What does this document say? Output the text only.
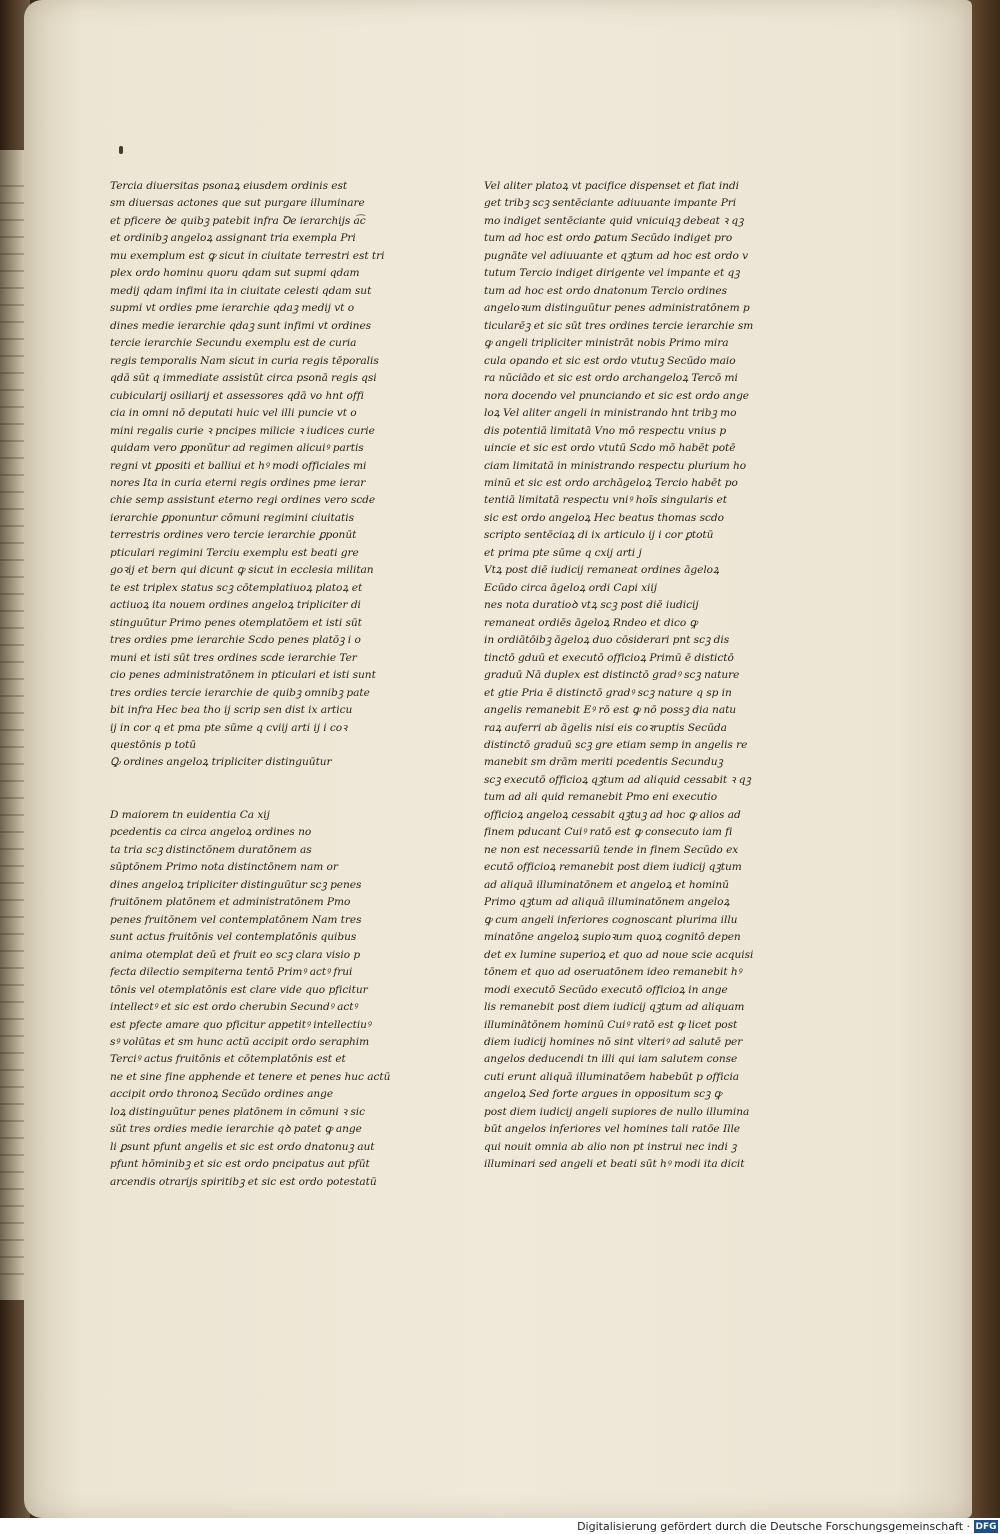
Tercia diuersitas psonaꝝ eiusdem ordinis est
sm diuersas actones que sut purgare illuminare
et pficere ꝺe quibꝫ patebit infra Ꝺe ierarchijs a͡c
et ordinibꝫ angeloꝝ assignant tria exempla Pri
mu exemplum est ꝙ sicut in ciuitate terrestri est tri
plex ordo hominu quoru qdam sut supmi qdam
medij qdam infimi ita in ciuitate celesti qdam sut
supmi vt ordies pme ierarchie qdaꝫ medij vt o
dines medie ierarchie qdaꝫ sunt infimi vt ordines
tercie ierarchie Secundu exemplu est de curia
regis temporalis Nam sicut in curia regis tēporalis
qdā sūt q immediate assistūt circa psonā regis qsi
cubicularij osiliarij et assessores qdā vo hnt offi
cia in omni nō deputati huic vel illi puncie vt o
mini regalis curie ꝛ pncipes milicie ꝛ iudices curie
quidam vero ꝑponūtur ad regimen alicuiꝰ partis
regni vt ꝑpositi et balliui et hꝰ modi officiales mi
nores Ita in curia eterni regis ordines pme ierar
chie semp assistunt eterno regi ordines vero scde
ierarchie ꝑponuntur cōmuni regimini ciuitatis
terrestris ordines vero tercie ierarchie ꝑponūt
pticulari regimini Terciu exemplu est beati gre
goꝛij et bern qui dicunt ꝙ sicut in ecclesia militan
te est triplex status scꝫ cōtemplatiuoꝝ platoꝝ et
actiuoꝝ ita nouem ordines angeloꝝ tripliciter di
stinguūtur Primo penes otemplatōem et isti sūt
tres ordies pme ierarchie Scdo penes platōꝫ i o
muni et isti sūt tres ordines scde ierarchie Ter
cio penes administratōnem in pticulari et isti sunt
tres ordies tercie ierarchie de quibꝫ omnibꝫ pate
bit infra Hec bea tho ij scrip sen dist ix articu
ij in cor q et pma pte sūme q cviij arti ij i coꝛ
questōnis p totū
Ꝙ ordines angeloꝝ tripliciter distinguūtur
D maiorem tn euidentia Ca xij
pcedentis ca circa angeloꝝ ordines no
ta tria scꝫ distinctōnem duratōnem as
sūptōnem Primo nota distinctōnem nam or
dines angeloꝝ tripliciter distinguūtur scꝫ penes
fruitōnem platōnem et administratōnem Pmo
penes fruitōnem vel contemplatōnem Nam tres
sunt actus fruitōnis vel contemplatōnis quibus
anima otemplat deū et fruit eo scꝫ clara visio p
fecta dilectio sempiterna tentō Primꝰ actꝰ frui
tōnis vel otemplatōnis est clare vide quo pficitur
intellectꝰ et sic est ordo cherubin Secundꝰ actꝰ
est pfecte amare quo pficitur appetitꝰ intellectiuꝰ
sꝰ volūtas et sm hunc actū accipit ordo seraphim
Terciꝰ actus fruitōnis et cōtemplatōnis est et
ne et sine fine apphende et tenere et penes huc actū
accipit ordo thronoꝝ Secūdo ordines ange
loꝝ distinguūtur penes platōnem in cōmuni ꝛ sic
sūt tres ordies medie ierarchie qꝺ patet ꝙ ange
li ꝑsunt pfunt angelis et sic est ordo dnatonuꝫ aut
pfunt hōminibꝫ et sic est ordo pncipatus aut pfūt
arcendis otrarijs spiritibꝫ et sic est ordo potestatū
Vel aliter platoꝝ vt pacifice dispenset et fiat indi
get tribꝫ scꝫ sentēciante adiuuante impante Pri
mo indiget sentēciante quid vnicuiqꝫ debeat ꝛ qꝫ
tum ad hoc est ordo ꝑatum Secūdo indiget pro
pugnāte vel adiuuante et qꝫtum ad hoc est ordo v
tutum Tercio indiget dirigente vel impante et qꝫ
tum ad hoc est ordo dnatonum Tercio ordines
angeloꝛum distinguūtur penes administratōnem p
ticularēꝫ et sic sūt tres ordines tercie ierarchie sm
ꝙ angeli tripliciter ministrāt nobis Primo mira
cula opando et sic est ordo vtutuꝫ Secūdo maio
ra nūciādo et sic est ordo archangeloꝝ Tercō mi
nora docendo vel pnunciando et sic est ordo ange
loꝝ Vel aliter angeli in ministrando hnt tribꝫ mo
dis potentiā limitatā Vno mō respectu vnius p
uincie et sic est ordo vtutū Scdo mō habēt potē
ciam limitatā in ministrando respectu plurium ho
minū et sic est ordo archāgeloꝝ Tercio habēt po
tentiā limitatā respectu vniꝰ hoīs singularis et
sic est ordo angeloꝝ Hec beatus thomas scdo
scripto sentēciaꝝ di ix articulo ij i cor ꝑtotū
et prima pte sūme q cxij arti j
Vtꝝ post diē iudicij remaneat ordines āgeloꝝ
Ecūdo circa āgeloꝝ ordi Capi xiij
nes nota duratioꝺ vtꝝ scꝫ post diē iudicij
remaneat ordiēs āgeloꝝ Rndeo et dico ꝙ
in ordiātōibꝫ āgeloꝝ duo cōsiderari pnt scꝫ dis
tinctō gduū et executō officioꝝ Primū ē distictō
graduū Nā duplex est distinctō gradꝰ scꝫ nature
et gtie Pria ē distinctō gradꝰ scꝫ nature q sp in
angelis remanebit Eꝰ rō est ꝙ nō possꝫ dia natu
raꝝ auferri ab āgelis nisi eis coꝛruptis Secūda
distinctō graduū scꝫ gre etiam semp in angelis re
manebit sm drām meriti pcedentis Secunduꝫ
scꝫ executō officioꝝ qꝫtum ad aliquid cessabit ꝛ qꝫ
tum ad ali quid remanebit Pmo eni executio
officioꝝ angeloꝝ cessabit qꝫtuꝫ ad hoc ꝙ alios ad
finem pducant Cuiꝰ ratō est ꝙ consecuto iam fi
ne non est necessariū tende in finem Secūdo ex
ecutō officioꝝ remanebit post diem iudicij qꝫtum
ad aliquā illuminatōnem et angeloꝝ et hominū
Primo qꝫtum ad aliquā illuminatōnem angeloꝝ
ꝙ cum angeli inferiores cognoscant plurima illu
minatōne angeloꝝ supioꝛum quoꝝ cognitō depen
det ex lumine superioꝝ et quo ad noue scie acquisi
tōnem et quo ad oseruatōnem ideo remanebit hꝰ
modi executō Secūdo executō officioꝝ in ange
lis remanebit post diem iudicij qꝫtum ad aliquam
illuminātōnem hominū Cuiꝰ ratō est ꝙ licet post
diem iudicij homines nō sint vlteriꝰ ad salutē per
angelos deducendi tn illi qui iam salutem conse
cuti erunt aliquā illuminatōem habebūt p officia
angeloꝝ Sed forte argues in oppositum scꝫ ꝙ
post diem iudicij angeli supiores de nullo illumina
būt angelos inferiores vel homines tali ratōe Ille
qui nouit omnia ab alio non pt instrui nec indi ꝫ
illuminari sed angeli et beati sūt hꝰ modi ita dicit
Digitalisierung gefördert durch die Deutsche Forschungsgemeinschaft · DFG
